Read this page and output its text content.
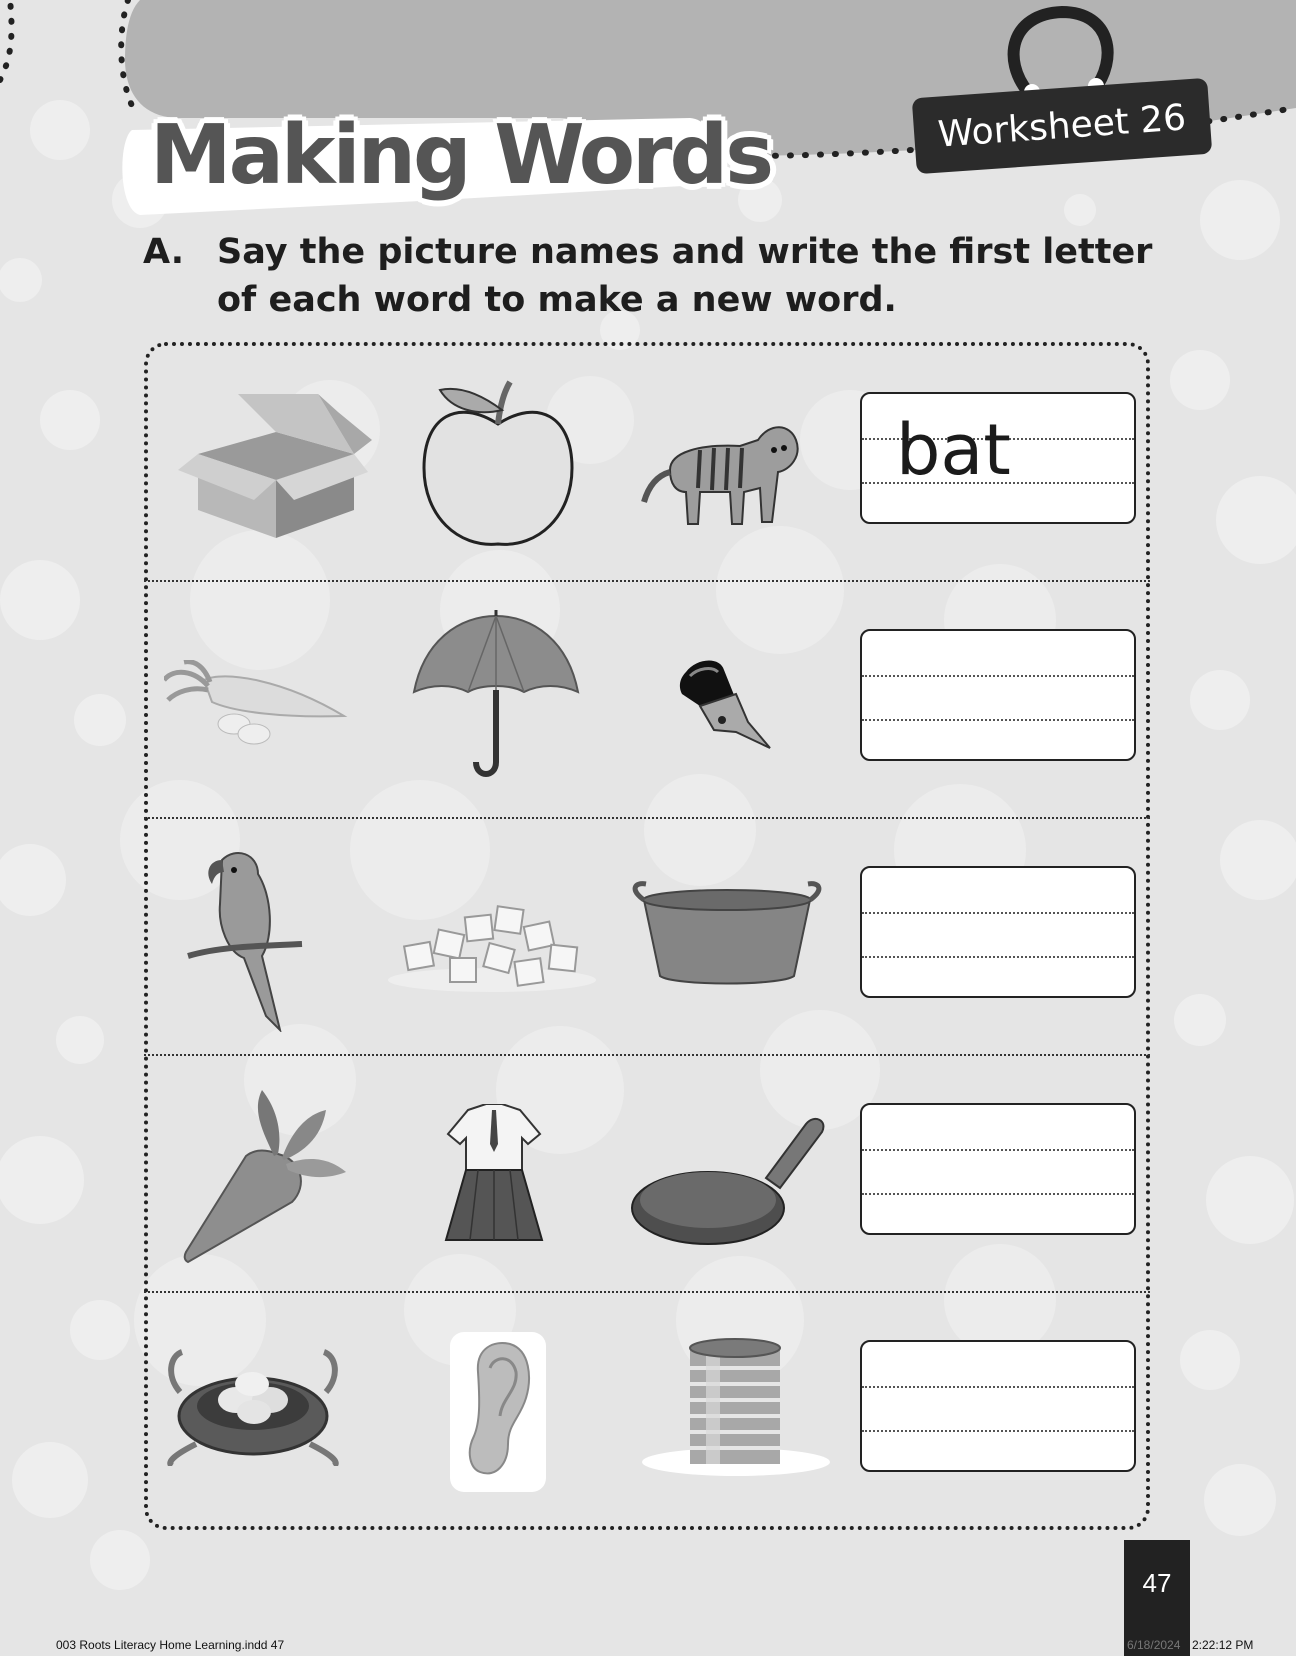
Making Words	Worksheet 26
A. Say the picture names and write the first letter of each word to make a new word.
bat
47
003 Roots Literacy Home Learning.indd 47	6/18/2024 2:22:12 PM
